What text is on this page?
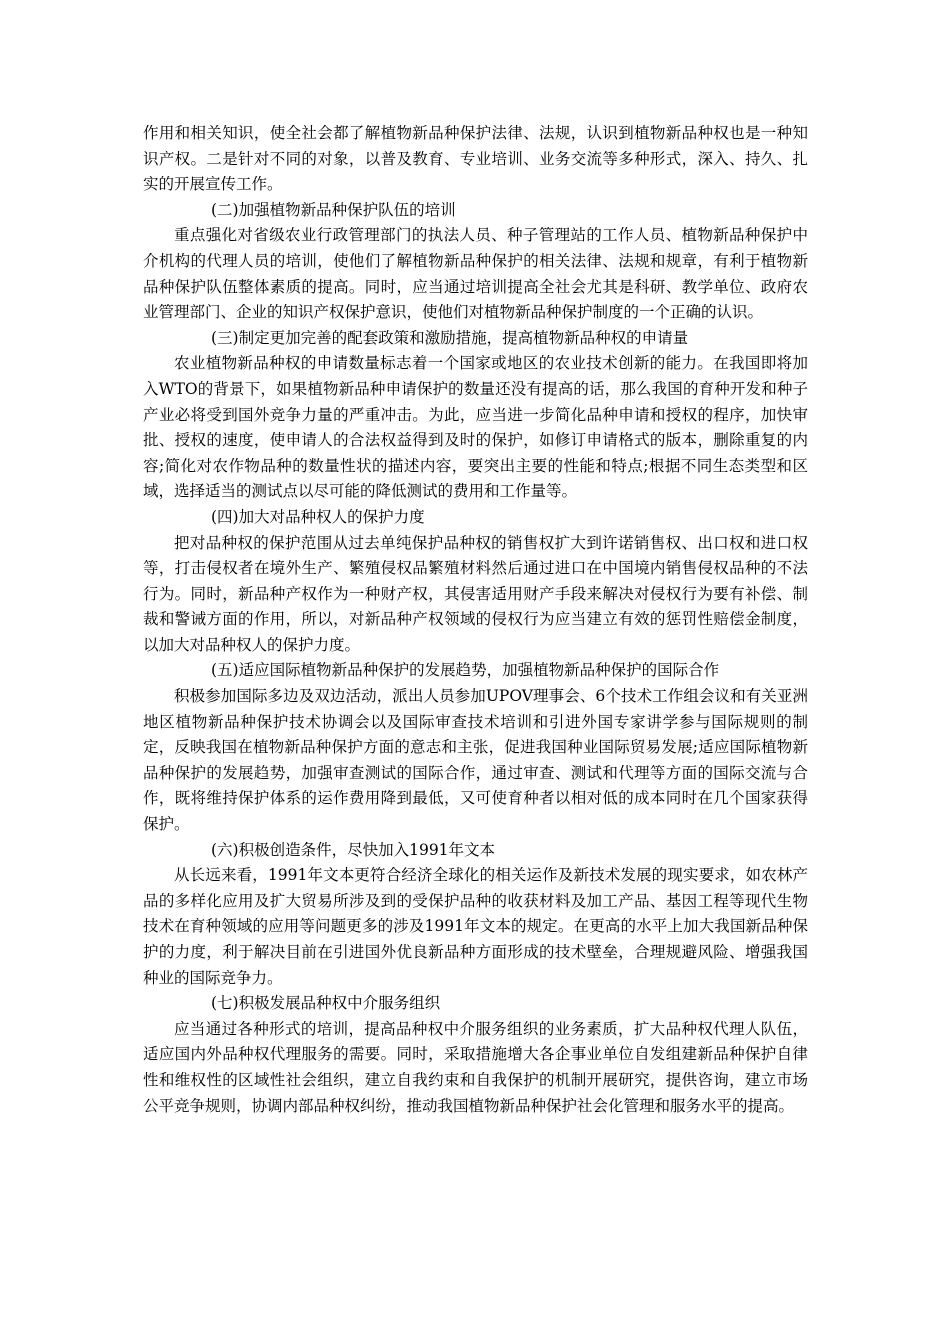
作用和相关知识，使全社会都了解植物新品种保护法律、法规，认识到植物新品种权也是一种知识产权。二是针对不同的对象，以普及教育、专业培训、业务交流等多种形式，深入、持久、扎实的开展宣传工作。

(二)加强植物新品种保护队伍的培训

重点强化对省级农业行政管理部门的执法人员、种子管理站的工作人员、植物新品种保护中介机构的代理人员的培训，使他们了解植物新品种保护的相关法律、法规和规章，有利于植物新品种保护队伍整体素质的提高。同时，应当通过培训提高全社会尤其是科研、教学单位、政府农业管理部门、企业的知识产权保护意识，使他们对植物新品种保护制度的一个正确的认识。

(三)制定更加完善的配套政策和激励措施，提高植物新品种权的申请量

农业植物新品种权的申请数量标志着一个国家或地区的农业技术创新的能力。在我国即将加入WTO的背景下，如果植物新品种申请保护的数量还没有提高的话，那么我国的育种开发和种子产业必将受到国外竞争力量的严重冲击。为此，应当进一步简化品种申请和授权的程序，加快审批、授权的速度，使申请人的合法权益得到及时的保护，如修订申请格式的版本，删除重复的内容;简化对农作物品种的数量性状的描述内容，要突出主要的性能和特点;根据不同生态类型和区域，选择适当的测试点以尽可能的降低测试的费用和工作量等。

(四)加大对品种权人的保护力度

把对品种权的保护范围从过去单纯保护品种权的销售权扩大到许诺销售权、出口权和进口权等，打击侵权者在境外生产、繁殖侵权品繁殖材料然后通过进口在中国境内销售侵权品种的不法行为。同时，新品种产权作为一种财产权，其侵害适用财产手段来解决对侵权行为要有补偿、制裁和警诫方面的作用，所以，对新品种产权领域的侵权行为应当建立有效的惩罚性赔偿金制度，以加大对品种权人的保护力度。

(五)适应国际植物新品种保护的发展趋势，加强植物新品种保护的国际合作

积极参加国际多边及双边活动，派出人员参加UPOV理事会、6个技术工作组会议和有关亚洲地区植物新品种保护技术协调会以及国际审查技术培训和引进外国专家讲学参与国际规则的制定，反映我国在植物新品种保护方面的意志和主张，促进我国种业国际贸易发展;适应国际植物新品种保护的发展趋势，加强审查测试的国际合作，通过审查、测试和代理等方面的国际交流与合作，既将维持保护体系的运作费用降到最低，又可使育种者以相对低的成本同时在几个国家获得保护。

(六)积极创造条件，尽快加入1991年文本

从长远来看，1991年文本更符合经济全球化的相关运作及新技术发展的现实要求，如农林产品的多样化应用及扩大贸易所涉及到的受保护品种的收获材料及加工产品、基因工程等现代生物技术在育种领域的应用等问题更多的涉及1991年文本的规定。在更高的水平上加大我国新品种保护的力度，利于解决目前在引进国外优良新品种方面形成的技术壁垒，合理规避风险、增强我国种业的国际竞争力。

(七)积极发展品种权中介服务组织

应当通过各种形式的培训，提高品种权中介服务组织的业务素质，扩大品种权代理人队伍，适应国内外品种权代理服务的需要。同时，采取措施增大各企事业单位自发组建新品种保护自律性和维权性的区域性社会组织，建立自我约束和自我保护的机制开展研究，提供咨询，建立市场公平竞争规则，协调内部品种权纠纷，推动我国植物新品种保护社会化管理和服务水平的提高。
